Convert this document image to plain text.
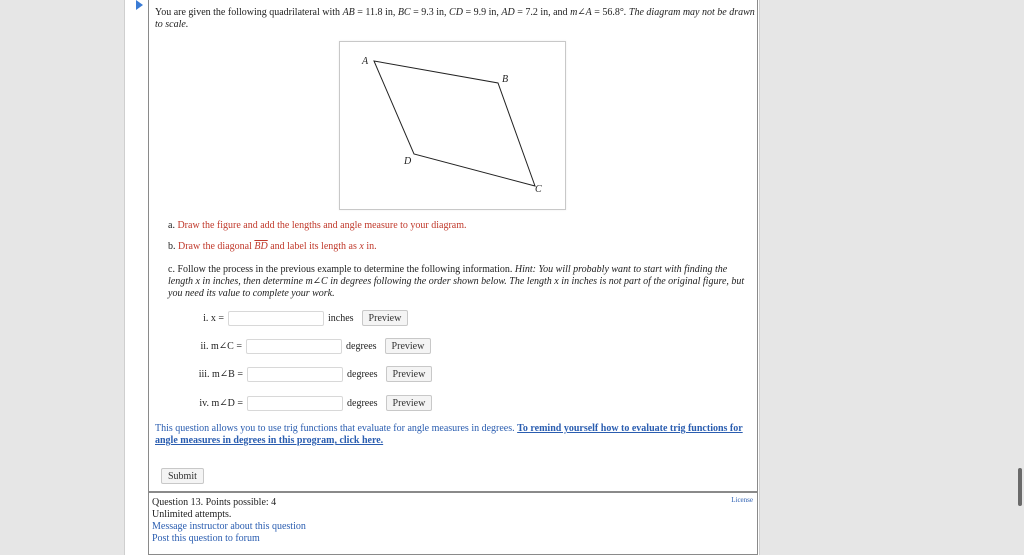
You are given the following quadrilateral with AB = 11.8 in, BC = 9.3 in, CD = 9.9 in, AD = 7.2 in, and m∠A = 56.8°. The diagram may not be drawn to scale.
A
B
C
D
a. Draw the figure and add the lengths and angle measure to your diagram.
b. Draw the diagonal $\overline{BD}$ and label its length as x in.
c. Follow the process in the previous example to determine the following information. Hint: You will probably want to start with finding the length x in inches, then determine m∠C in degrees following the order shown below. The length x in inches is not part of the original figure, but you need its value to complete your work.
i. x =	inches	Preview
ii. m∠C =	degrees	Preview
iii. m∠B =	degrees	Preview
iv. m∠D =	degrees	Preview
This question allows you to use trig functions that evaluate for angle measures in degrees. To remind yourself how to evaluate trig functions for angle measures in degrees in this program, click here.
Submit
Question 13. Points possible: 4
Unlimited attempts.
Message instructor about this question
Post this question to forum
License
